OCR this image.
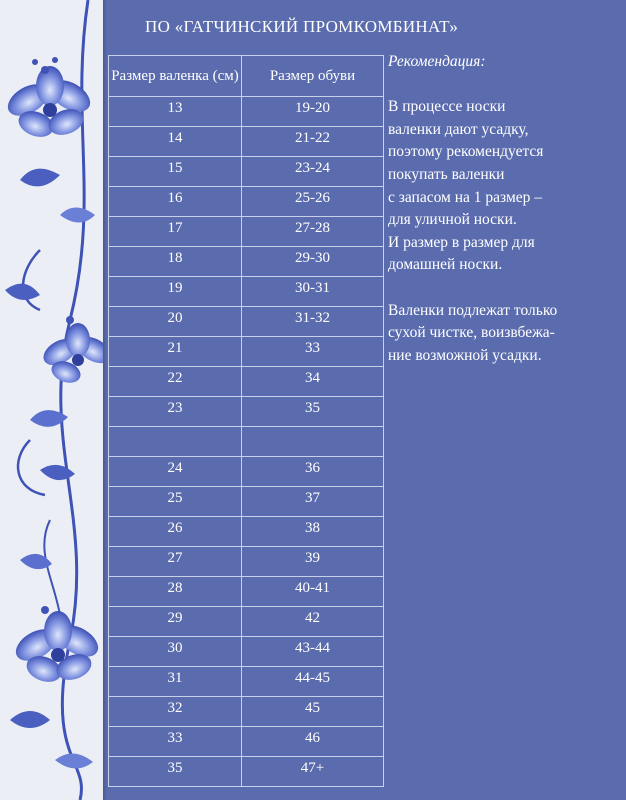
ПО «ГАТЧИНСКИЙ ПРОМКОМБИНАТ»
Размер валенка (см)	Размер обуви
13	19-20
14	21-22
15	23-24
16	25-26
17	27-28
18	29-30
19	30-31
20	31-32
21	33
22	34
23	35

24	36
25	37
26	38
27	39
28	40-41
29	42
30	43-44
31	44-45
32	45
33	46
35	47+
Рекомендация:

В процессе носки
валенки дают усадку,
поэтому рекомендуется
покупать валенки
с запасом на 1 размер –
для уличной носки.
И размер в размер для
домашней носки.

Валенки подлежат только
сухой чистке, воизвбежа-
ние возможной усадки.
